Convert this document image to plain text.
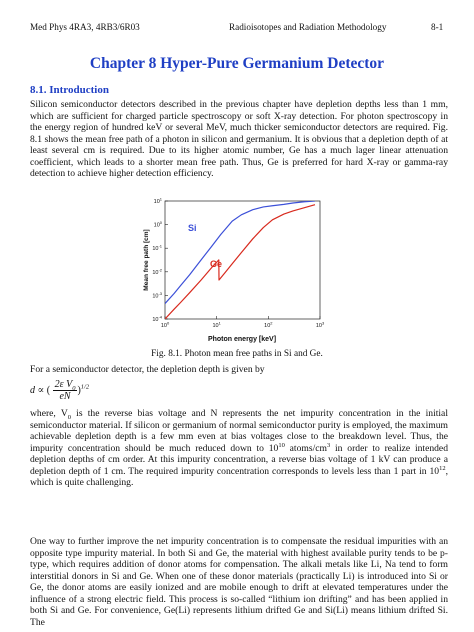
Med Phys 4RA3, 4RB3/6R03	Radioisotopes and Radiation Methodology	8-1
Chapter 8 Hyper-Pure Germanium Detector
8.1. Introduction

Silicon semiconductor detectors described in the previous chapter have depletion depths less than 1 mm, which are sufficient for charged particle spectroscopy or soft X-ray detection. For photon spectroscopy in the energy region of hundred keV or several MeV, much thicker semiconductor detectors are required. Fig. 8.1 shows the mean free path of a photon in silicon and germanium. It is obvious that a depletion depth of at least several cm is required. Due to its higher atomic number, Ge has a much lager linear attenuation coefficient, which leads to a shorter mean free path. Thus, Ge is preferred for hard X-ray or gamma-ray detection to achieve higher detection efficiency.

$10^0$	$10^1$	$10^2$	$10^3$
$10^{-4}$
$10^{-3}$
$10^{-2}$
$10^{-1}$
$10^0$
$10^1$
Si
Ge
Photon energy [keV]
Mean free path [cm]
Fig. 8.1. Photon mean free paths in Si and Ge.

For a semiconductor detector, the depletion depth is given by

d ∝ ( $\frac{2\varepsilon V_0}{eN} )^{1/2}$

where, $V_0$ is the reverse bias voltage and N represents the net impurity concentration in the initial semiconductor material. If silicon or germanium of normal semiconductor purity is employed, the maximum achievable depletion depth is a few mm even at bias voltages close to the breakdown level. Thus, the impurity concentration should be much reduced down to $10^{10}$ atoms/$cm^3$ in order to realize intended depletion depths of cm order. At this impurity concentration, a reverse bias voltage of 1 kV can produce a depletion depth of 1 cm. The required impurity concentration corresponds to levels less than 1 part in $10^{12}$, which is quite challenging.

One way to further improve the net impurity concentration is to compensate the residual impurities with an opposite type impurity material. In both Si and Ge, the material with highest available purity tends to be p-type, which requires addition of donor atoms for compensation. The alkali metals like Li, Na tend to form interstitial donors in Si and Ge. When one of these donor materials (practically Li) is introduced into Si or Ge, the donor atoms are easily ionized and are mobile enough to drift at elevated temperatures under the influence of a strong electric field. This process is so-called “lithium ion drifting” and has been applied in both Si and Ge. For convenience, Ge(Li) represents lithium drifted Ge and Si(Li) means lithium drifted Si. The
